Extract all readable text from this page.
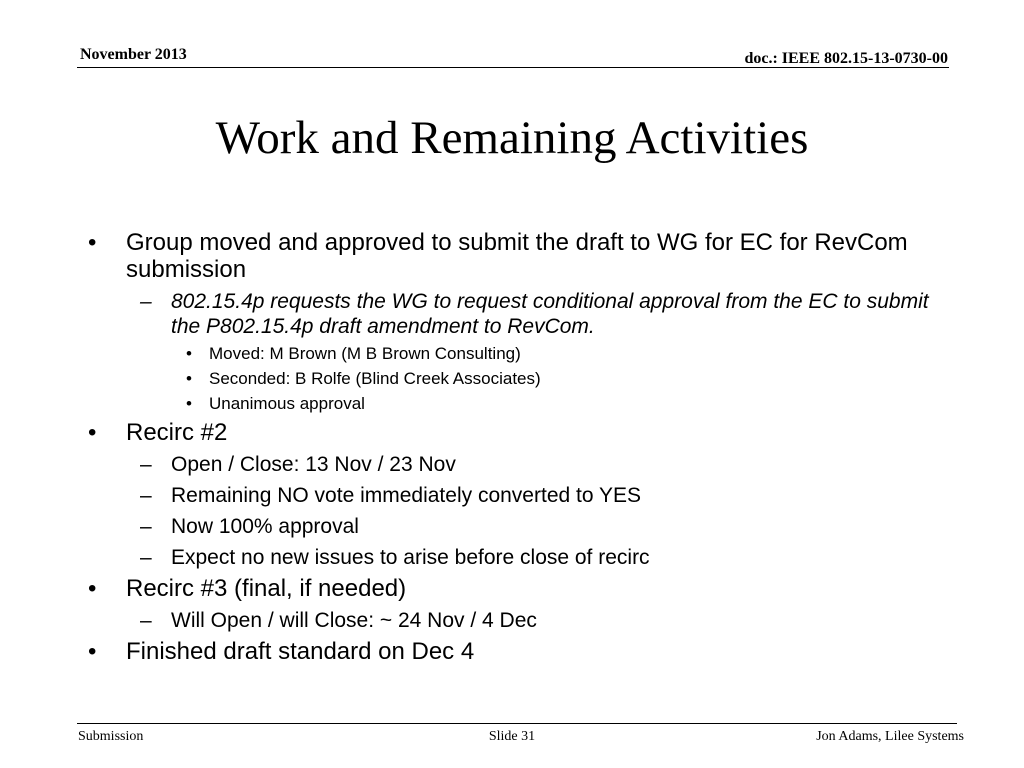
November 2013	doc.: IEEE 802.15-13-0730-00
Work and Remaining Activities
• Group moved and approved to submit the draft to WG for EC for RevCom submission
– 802.15.4p requests the WG to request conditional approval from the EC to submit the P802.15.4p draft amendment to RevCom.
• Moved: M Brown (M B Brown Consulting)
• Seconded: B Rolfe (Blind Creek Associates)
• Unanimous approval
• Recirc #2
– Open / Close: 13 Nov / 23 Nov
– Remaining NO vote immediately converted to YES
– Now 100% approval
– Expect no new issues to arise before close of recirc
• Recirc #3 (final, if needed)
– Will Open / will Close: ~ 24 Nov / 4 Dec
• Finished draft standard on Dec 4
Submission	Slide 31	Jon Adams, Lilee Systems
